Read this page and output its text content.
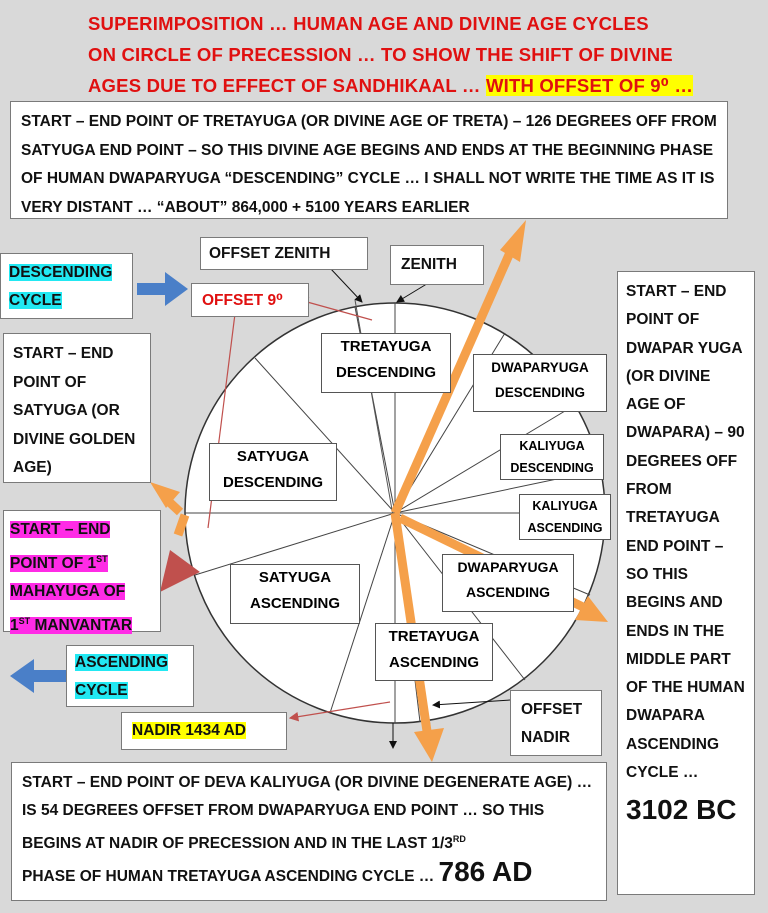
SUPERIMPOSITION … HUMAN AGE AND DIVINE AGE CYCLES
ON CIRCLE OF PRECESSION … TO SHOW THE SHIFT OF DIVINE
AGES DUE TO EFFECT OF SANDHIKAAL … WITH OFFSET OF 9⁰ …
START – END POINT OF TRETAYUGA (OR DIVINE AGE OF TRETA) – 126 DEGREES OFF FROM SATYUGA END POINT – SO THIS DIVINE AGE BEGINS AND ENDS AT THE BEGINNING PHASE OF HUMAN DWAPARYUGA “DESCENDING” CYCLE … I SHALL NOT WRITE THE TIME AS IT IS VERY DISTANT … “ABOUT” 864,000 + 5100 YEARS EARLIER
DESCENDING
CYCLE
OFFSET ZENITH
ZENITH
OFFSET 9⁰
START – END POINT OF SATYUGA (OR DIVINE GOLDEN AGE)
START – END
POINT OF 1ST
MAHAYUGA OF
1ST MANVANTAR
ASCENDING
CYCLE
NADIR 1434 AD
OFFSET NADIR
START – END POINT OF DWAPAR YUGA (OR DIVINE AGE OF DWAPARA) – 90 DEGREES OFF FROM TRETAYUGA END POINT – SO THIS BEGINS AND ENDS IN THE MIDDLE PART OF THE HUMAN DWAPARA ASCENDING CYCLE …
3102 BC
START – END POINT OF DEVA KALIYUGA (OR DIVINE DEGENERATE AGE) … IS 54 DEGREES OFFSET FROM DWAPARYUGA END POINT … SO THIS BEGINS AT NADIR OF PRECESSION AND IN THE LAST 1/3RD
PHASE OF HUMAN TRETAYUGA ASCENDING CYCLE … 786 AD
TRETAYUGA DESCENDING	DWAPARYUGA DESCENDING
KALIYUGA DESCENDING
KALIYUGA ASCENDING
DWAPARYUGA ASCENDING
TRETAYUGA ASCENDING
SATYUGA ASCENDING
SATYUGA DESCENDING
